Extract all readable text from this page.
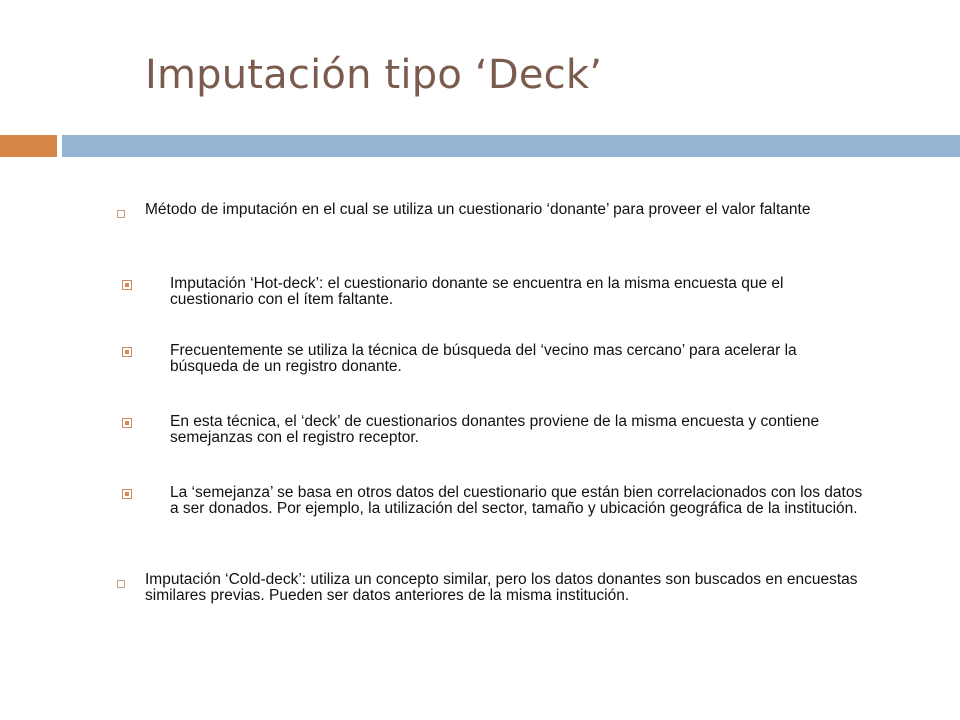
Imputación tipo ‘Deck’
Método de imputación en el cual se utiliza un cuestionario ‘donante’ para proveer el valor faltante
Imputación ‘Hot-deck’: el cuestionario donante se encuentra en la misma encuesta que el cuestionario con el ítem faltante.
Frecuentemente se utiliza la técnica de búsqueda del ‘vecino mas cercano’ para acelerar la búsqueda de un registro donante.
En esta técnica, el ‘deck’ de cuestionarios donantes proviene de la misma encuesta y contiene semejanzas con el registro receptor.
La ‘semejanza’ se basa en otros datos del cuestionario que están bien correlacionados con los datos a ser donados. Por ejemplo, la utilización del sector, tamaño y ubicación geográfica de la institución.
Imputación ‘Cold-deck’: utiliza un concepto similar, pero los datos donantes son buscados en encuestas similares previas. Pueden ser datos anteriores de la misma institución.
